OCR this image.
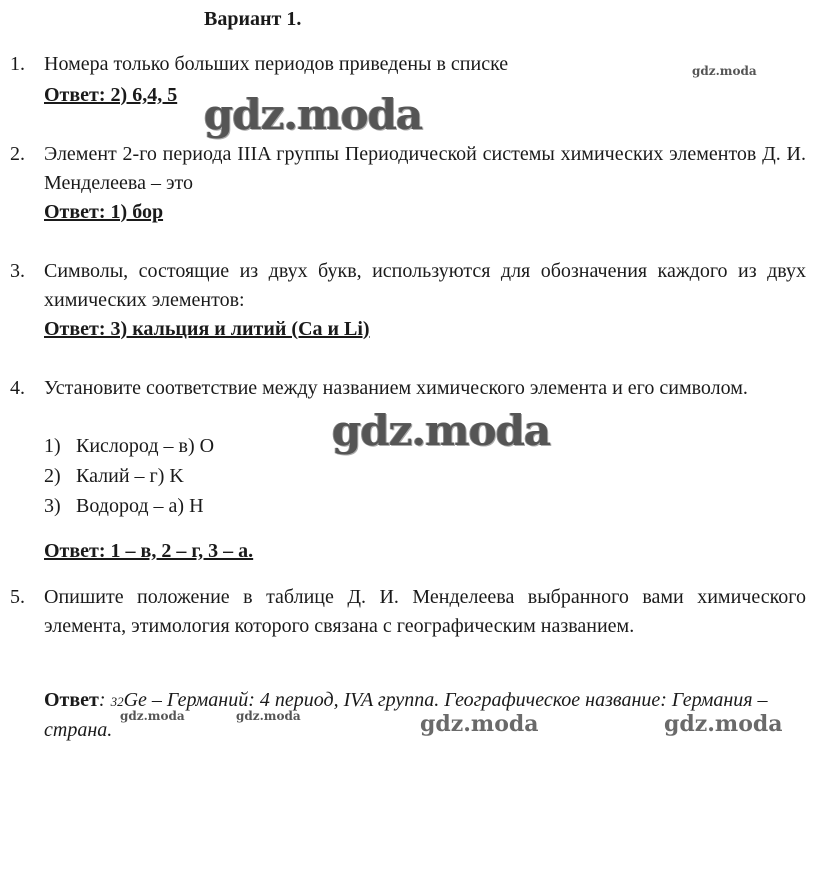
Вариант 1.
1. Номера только больших периодов приведены в списке
Ответ: 2) 6,4, 5
2. Элемент 2-го периода IIIA группы Периодической системы химических элементов Д. И. Менделеева – это
Ответ: 1) бор
3. Символы, состоящие из двух букв, используются для обозначения каждого из двух химических элементов:
Ответ: 3) кальция и литий (Ca и Li)
4. Установите соответствие между названием химического элемента и его символом.
1) Кислород – в) O
2) Калий – г) K
3) Водород – а) H
Ответ: 1 – в, 2 – г, 3 – а.
5. Опишите положение в таблице Д. И. Менделеева выбранного вами химического элемента, этимология которого связана с географическим названием.
Ответ: 32Ge – Германий: 4 период, IVA группа. Географическое название: Германия – страна.
gdz.moda
gdz.moda
gdz.moda
gdz.moda	gdz.moda	gdz.moda	gdz.moda
